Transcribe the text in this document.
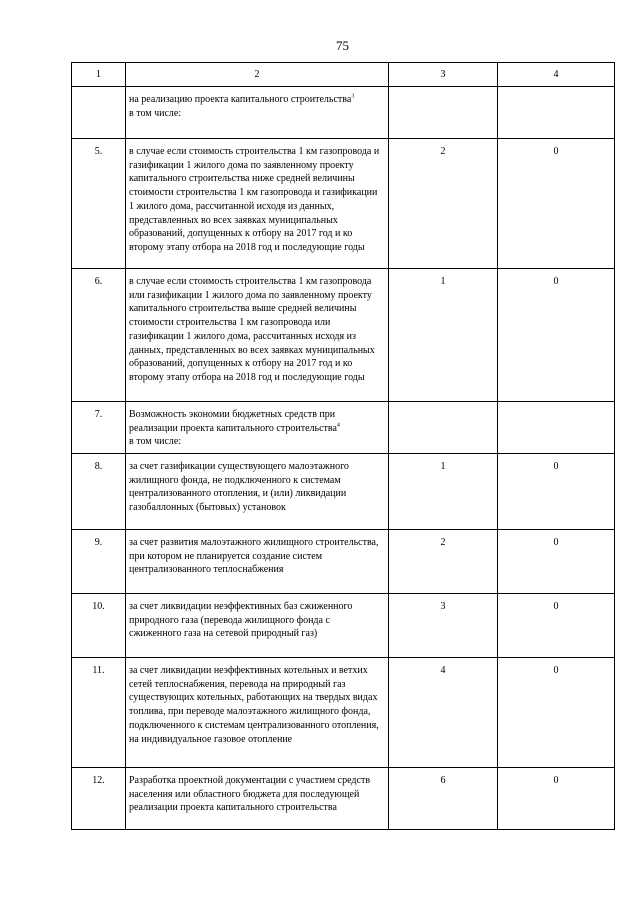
75
1	2	3	4
	на реализацию проекта капитального строительства$^3$
в том числе:		
5.	в случае если стоимость строительства 1 км газопровода и газификации 1 жилого дома по заявленному проекту капитального строительства ниже средней величины стоимости строительства 1 км газопровода и газификации 1 жилого дома, рассчитанной исходя из данных, представленных во всех заявках муниципальных образований, допущенных к отбору на 2017 год и ко второму этапу отбора на 2018 год и последующие годы	2	0
6.	в случае если стоимость строительства 1 км газопровода или газификации 1 жилого дома по заявленному проекту капитального строительства выше средней величины стоимости строительства 1 км газопровода или газификации 1 жилого дома, рассчитанных исходя из данных, представленных во всех заявках муниципальных образований, допущенных к отбору на 2017 год и ко второму этапу отбора на 2018 год и последующие годы	1	0
7.	Возможность экономии бюджетных средств при реализации проекта капитального строительства$^4$
в том числе:		
8.	за счет газификации существующего малоэтажного жилищного фонда, не подключенного к системам централизованного отопления, и (или) ликвидации газобаллонных (бытовых) установок	1	0
9.	за счет развития малоэтажного жилищного строительства, при котором не планируется создание систем централизованного теплоснабжения	2	0
10.	за счет ликвидации неэффективных баз сжиженного природного газа (перевода жилищного фонда с сжиженного газа на сетевой природный газ)	3	0
11.	за счет ликвидации неэффективных котельных и ветхих сетей теплоснабжения, перевода на природный газ существующих котельных, работающих на твердых видах топлива, при переводе малоэтажного жилищного фонда, подключенного к системам централизованного отопления, на индивидуальное газовое отопление	4	0
12.	Разработка проектной документации с участием средств населения или областного бюджета для последующей реализации проекта капитального строительства	6	0
